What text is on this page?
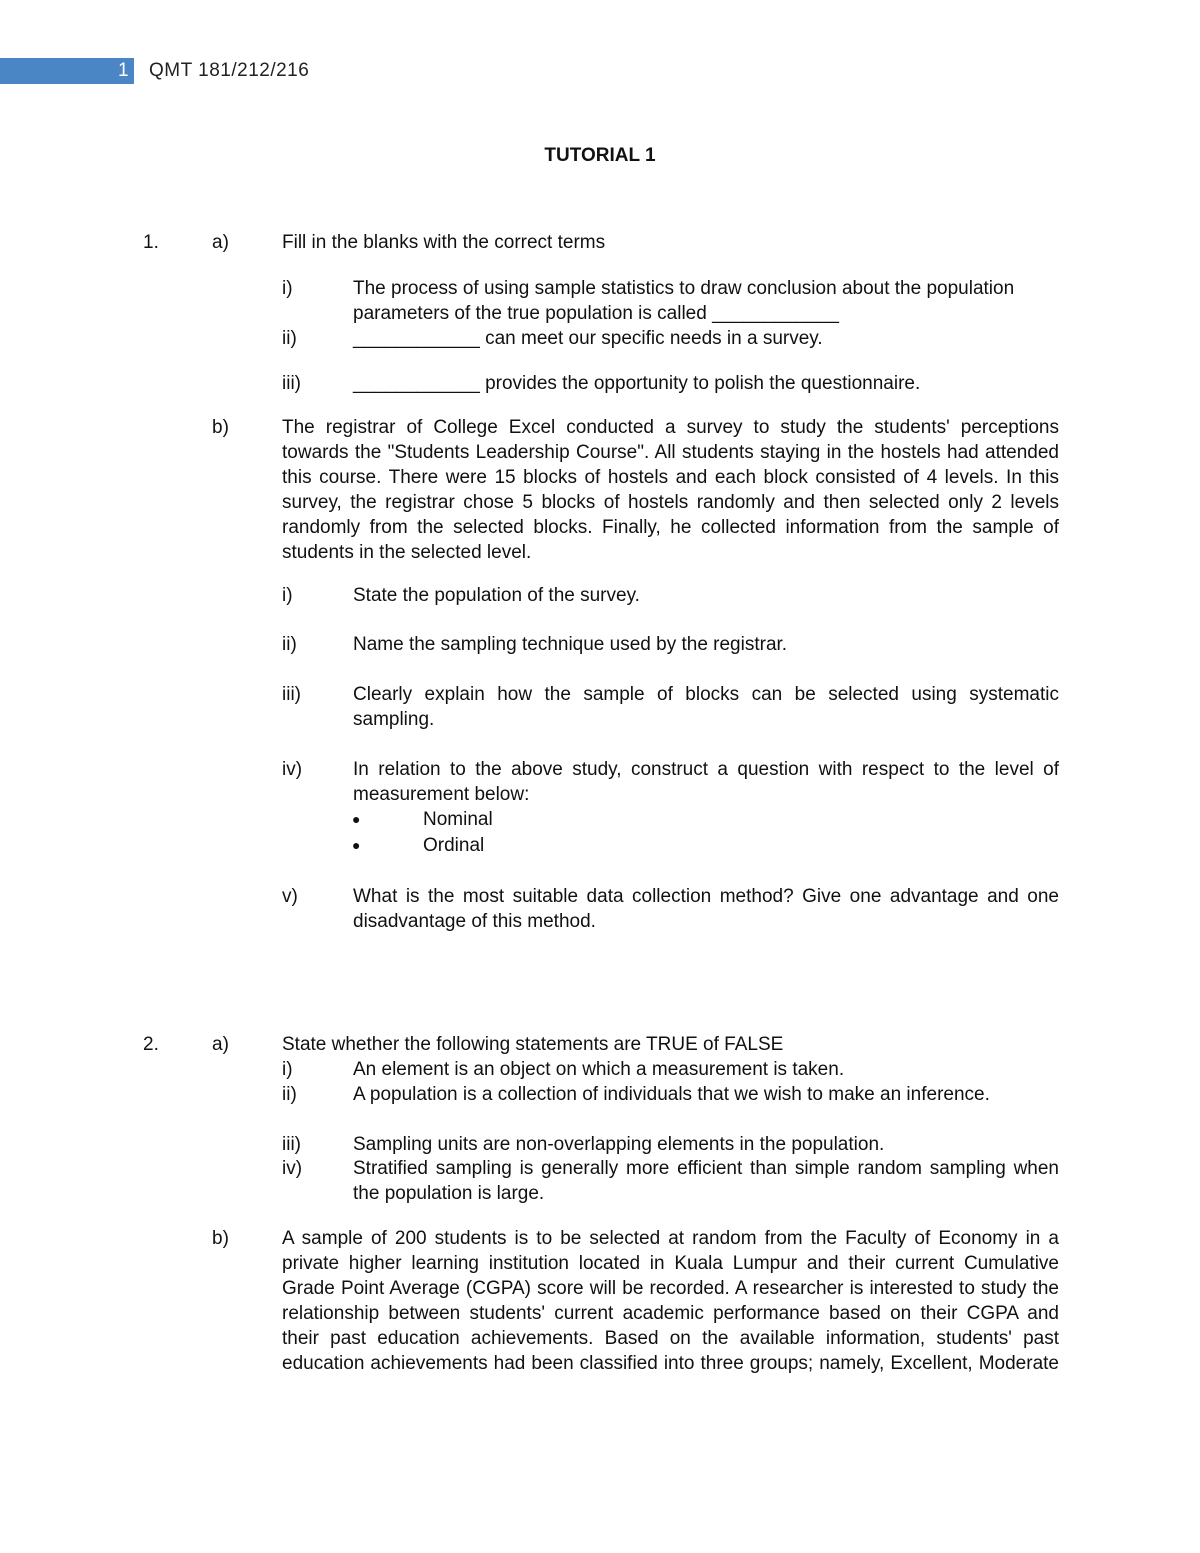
1 QMT 181/212/216
TUTORIAL 1
1.	a)	Fill in the blanks with the correct terms
i)	The process of using sample statistics to draw conclusion about the population parameters of the true population is called ____________
ii)	____________ can meet our specific needs in a survey.
iii)	____________ provides the opportunity to polish the questionnaire.
b)	The registrar of College Excel conducted a survey to study the students' perceptions towards the "Students Leadership Course". All students staying in the hostels had attended this course. There were 15 blocks of hostels and each block consisted of 4 levels. In this survey, the registrar chose 5 blocks of hostels randomly and then selected only 2 levels randomly from the selected blocks. Finally, he collected information from the sample of students in the selected level.
i)	State the population of the survey.
ii)	Name the sampling technique used by the registrar.
iii)	Clearly explain how the sample of blocks can be selected using systematic sampling.
iv)	In relation to the above study, construct a question with respect to the level of measurement below:
●	Nominal
●	Ordinal
v)	What is the most suitable data collection method? Give one advantage and one disadvantage of this method.
2.	a)	State whether the following statements are TRUE of FALSE
i)	An element is an object on which a measurement is taken.
ii)	A population is a collection of individuals that we wish to make an inference.
iii)	Sampling units are non-overlapping elements in the population.
iv)	Stratified sampling is generally more efficient than simple random sampling when the population is large.
b)	A sample of 200 students is to be selected at random from the Faculty of Economy in a private higher learning institution located in Kuala Lumpur and their current Cumulative Grade Point Average (CGPA) score will be recorded. A researcher is interested to study the relationship between students' current academic performance based on their CGPA and their past education achievements. Based on the available information, students' past education achievements had been classified into three groups; namely, Excellent, Moderate
